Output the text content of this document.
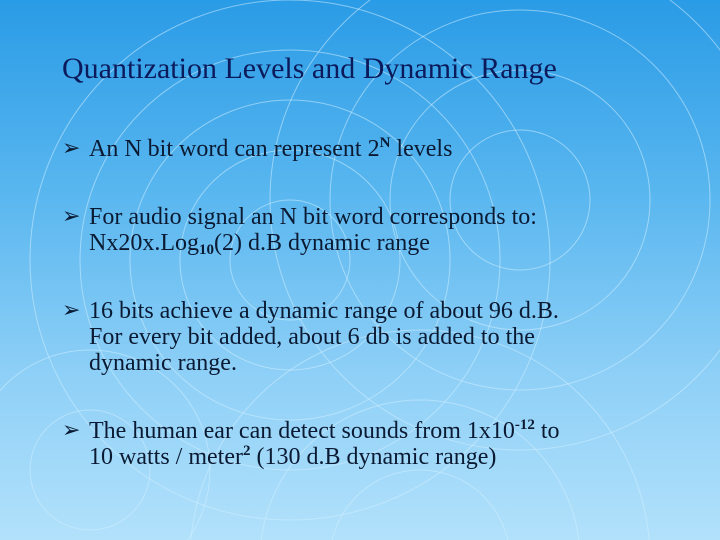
Quantization Levels and Dynamic Range
➢ An N bit word can represent $2^N$ levels
➢ For audio signal an N bit word corresponds to:
Nx20x.Log$_{10}$(2) d.B dynamic range
➢ 16 bits achieve a dynamic range of about 96 d.B.
For every bit added, about 6 db is added to the
dynamic range.
➢ The human ear can detect sounds from $1x10^{-12}$ to
10 watts / meter$^2$ (130 d.B dynamic range)
